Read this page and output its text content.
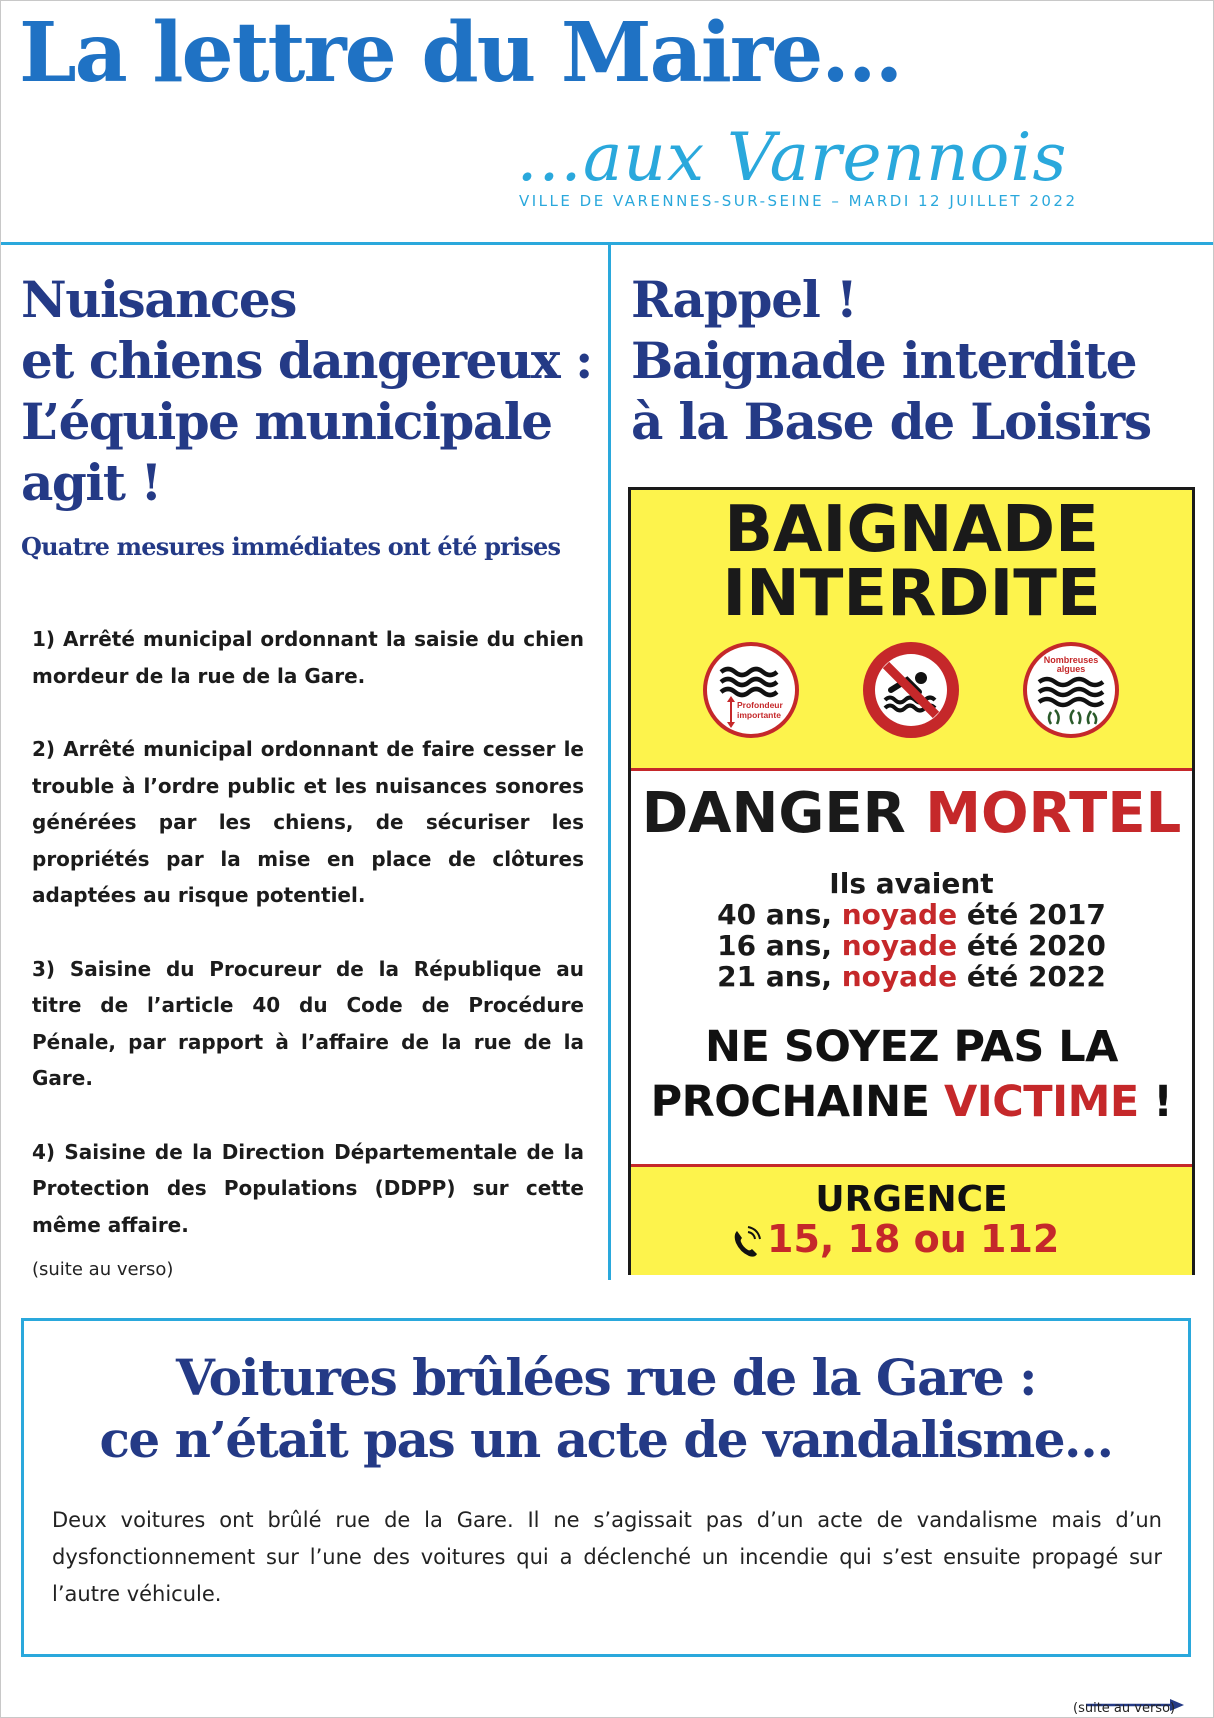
La lettre du Maire…
…aux Varennois
VILLE DE VARENNES-SUR-SEINE – MARDI 12 JUILLET 2022
Nuisances
et chiens dangereux :
L’équipe municipale
agit !
Quatre mesures immédiates ont été prises

1) Arrêté municipal ordonnant la saisie du chien mordeur de la rue de la Gare.

2) Arrêté municipal ordonnant de faire cesser le trouble à l’ordre public et les nuisances sonores générées par les chiens, de sécuriser les propriétés par la mise en place de clôtures adaptées au risque potentiel.

3) Saisine du Procureur de la République au titre de l’article 40 du Code de Procédure Pénale, par rapport à l’affaire de la rue de la Gare.

4) Saisine de la Direction Départementale de la Protection des Populations (DDPP) sur cette même affaire.

(suite au verso)
Rappel !
Baignade interdite
à la Base de Loisirs
BAIGNADE
INTERDITE
Profondeur
importante
Nombreuses
algues
DANGER MORTEL
Ils avaient
40 ans, noyade été 2017
16 ans, noyade été 2020
21 ans, noyade été 2022
NE SOYEZ PAS LA
PROCHAINE VICTIME !
URGENCE
15, 18 ou 112
Voitures brûlées rue de la Gare :
ce n’était pas un acte de vandalisme…
Deux voitures ont brûlé rue de la Gare. Il ne s’agissait pas d’un acte de vandalisme mais d’un dysfonctionnement sur l’une des voitures qui a déclenché un incendie qui s’est ensuite propagé sur l’autre véhicule.
(suite au verso)
